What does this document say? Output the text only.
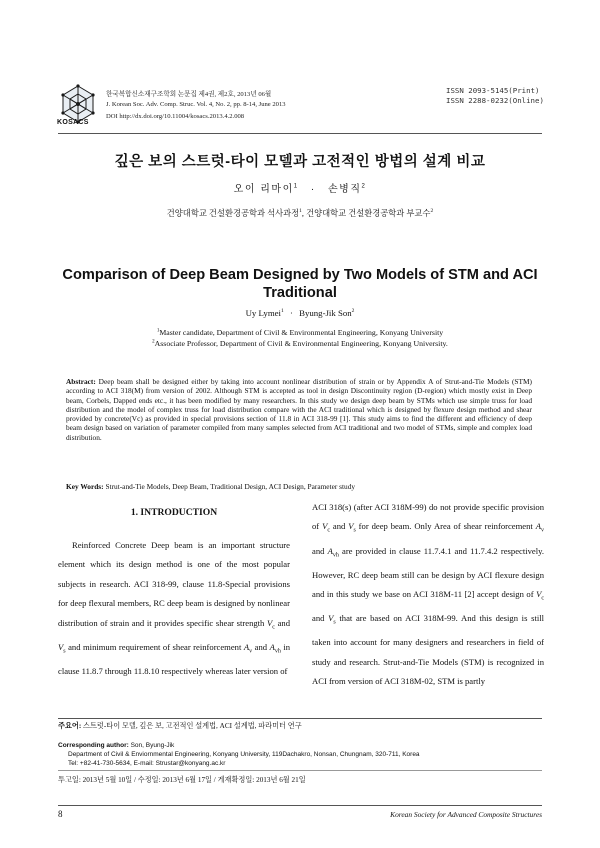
KOSACS
한국복합신소재구조학회 논문집 제4권, 제2호, 2013년 06월
J. Korean Soc. Adv. Comp. Struc. Vol. 4, No. 2, pp. 8-14, June 2013
DOI http://dx.doi.org/10.11004/kosacs.2013.4.2.008
ISSN 2093-5145(Print)
ISSN 2288-0232(Online)
깊은 보의 스트럿-타이 모델과 고전적인 방법의 설계 비교
오이 리마이$^1$ · 손병직$^2$
건양대학교 건설환경공학과 석사과정$^1$, 건양대학교 건설환경공학과 부교수$^2$
Comparison of Deep Beam Designed by Two Models of STM and ACI Traditional
Uy Lymei$^1$ · Byung-Jik Son$^2$
$^1$Master candidate, Department of Civil & Environmental Engineering, Konyang University
$^2$Associate Professor, Department of Civil & Environmental Engineering, Konyang University.
Abstract: Deep beam shall be designed either by taking into account nonlinear distribution of strain or by Appendix A of Strut-and-Tie Models (STM) according to ACI 318(M) from version of 2002. Although STM is accepted as tool in design Discontinuity region (D-region) which mostly exist in Deep beam, Corbels, Dapped ends etc., it has been modified by many researchers. In this study we design deep beam by STMs which use simple truss for load distribution and the model of complex truss for load distribution compare with the ACI traditional which is designed by flexure design method and shear provided by concrete(Vc) as provided in special provisions section of 11.8 in ACI 318-99 [1]. This study aims to find the different and efficiency of deep beam design based on variation of parameter compiled from many samples selected from ACI traditional and two model of STMs, simple and complex load distribution.
Key Words: Strut-and-Tie Models, Deep Beam, Traditional Design, ACI Design, Parameter study
1. INTRODUCTION
Reinforced Concrete Deep beam is an important structure element which its design method is one of the most popular subjects in research. ACI 318-99, clause 11.8-Special provisions for deep flexural members, RC deep beam is designed by nonlinear distribution of strain and it provides specific shear strength $V_c$ and $V_s$ and minimum requirement of shear reinforcement $A_v$ and $A_{vh}$ in clause 11.8.7 through 11.8.10 respectively whereas later version of
ACI 318(s) (after ACI 318M-99) do not provide specific provision of $V_c$ and $V_s$ for deep beam. Only Area of shear reinforcement $A_v$ and $A_{vh}$ are provided in clause 11.7.4.1 and 11.7.4.2 respectively. However, RC deep beam still can be design by ACI flexure design and in this study we base on ACI 318M-11 [2] accept design of $V_c$ and $V_s$ that are based on ACI 318M-99. And this design is still taken into account for many designers and researchers in field of study and research. Strut-and-Tie Models (STM) is recognized in ACI from version of ACI 318M-02, STM is partly
주요어: 스트럿-타이 모델, 깊은 보, 고전적인 설계법, ACI 설계법, 파라미터 연구
Corresponding author: Son, Byung-Jik
Department of Civil & Enviornmental Engineering, Konyang University, 119Dachakro, Nonsan, Chungnam, 320-711, Korea
Tel: +82-41-730-5634, E-mail: Strustar@konyang.ac.kr
투고일: 2013년 5월 10일 / 수정일: 2013년 6월 17일 / 게재확정일: 2013년 6월 21일
8	Korean Society for Advanced Composite Structures
